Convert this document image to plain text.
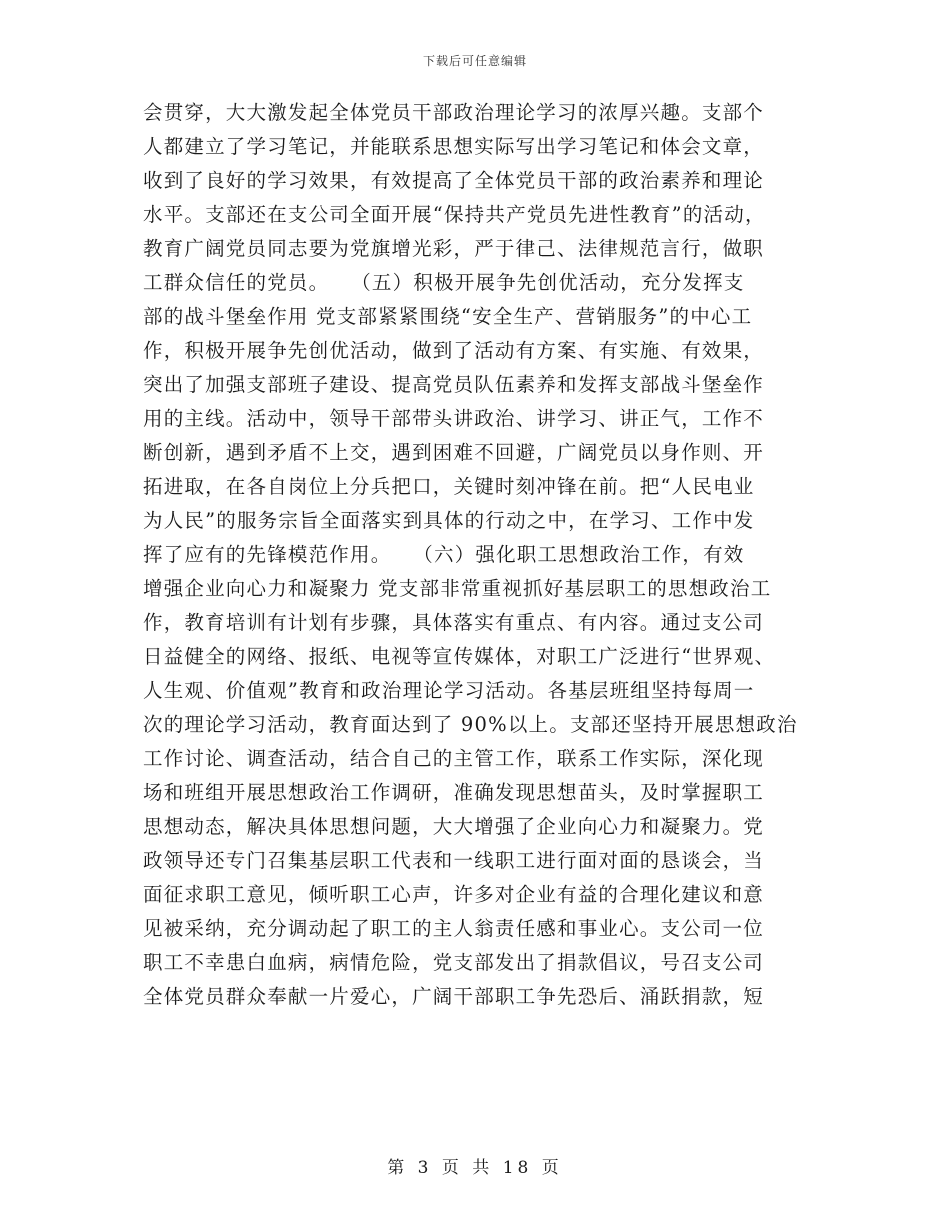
下载后可任意编辑
会贯穿，大大激发起全体党员干部政治理论学习的浓厚兴趣。支部个
人都建立了学习笔记，并能联系思想实际写出学习笔记和体会文章，
收到了良好的学习效果，有效提高了全体党员干部的政治素养和理论
水平。支部还在支公司全面开展“保持共产党员先进性教育”的活动，
教育广阔党员同志要为党旗增光彩，严于律己、法律规范言行，做职
工群众信任的党员。　　（五）积极开展争先创优活动，充分发挥支
部的战斗堡垒作用 党支部紧紧围绕“安全生产、营销服务”的中心工
作，积极开展争先创优活动，做到了活动有方案、有实施、有效果，
突出了加强支部班子建设、提高党员队伍素养和发挥支部战斗堡垒作
用的主线。活动中，领导干部带头讲政治、讲学习、讲正气，工作不
断创新，遇到矛盾不上交，遇到困难不回避，广阔党员以身作则、开
拓进取，在各自岗位上分兵把口，关键时刻冲锋在前。把“人民电业
为人民”的服务宗旨全面落实到具体的行动之中，在学习、工作中发
挥了应有的先锋模范作用。　　（六）强化职工思想政治工作，有效
增强企业向心力和凝聚力 党支部非常重视抓好基层职工的思想政治工
作，教育培训有计划有步骤，具体落实有重点、有内容。通过支公司
日益健全的网络、报纸、电视等宣传媒体，对职工广泛进行“世界观、
人生观、价值观”教育和政治理论学习活动。各基层班组坚持每周一
次的理论学习活动，教育面达到了 90%以上。支部还坚持开展思想政治
工作讨论、调查活动，结合自己的主管工作，联系工作实际，深化现
场和班组开展思想政治工作调研，准确发现思想苗头，及时掌握职工
思想动态，解决具体思想问题，大大增强了企业向心力和凝聚力。党
政领导还专门召集基层职工代表和一线职工进行面对面的恳谈会，当
面征求职工意见，倾听职工心声，许多对企业有益的合理化建议和意
见被采纳，充分调动起了职工的主人翁责任感和事业心。支公司一位
职工不幸患白血病，病情危险，党支部发出了捐款倡议，号召支公司
全体党员群众奉献一片爱心，广阔干部职工争先恐后、涌跃捐款，短
第 3 页 共 18 页
